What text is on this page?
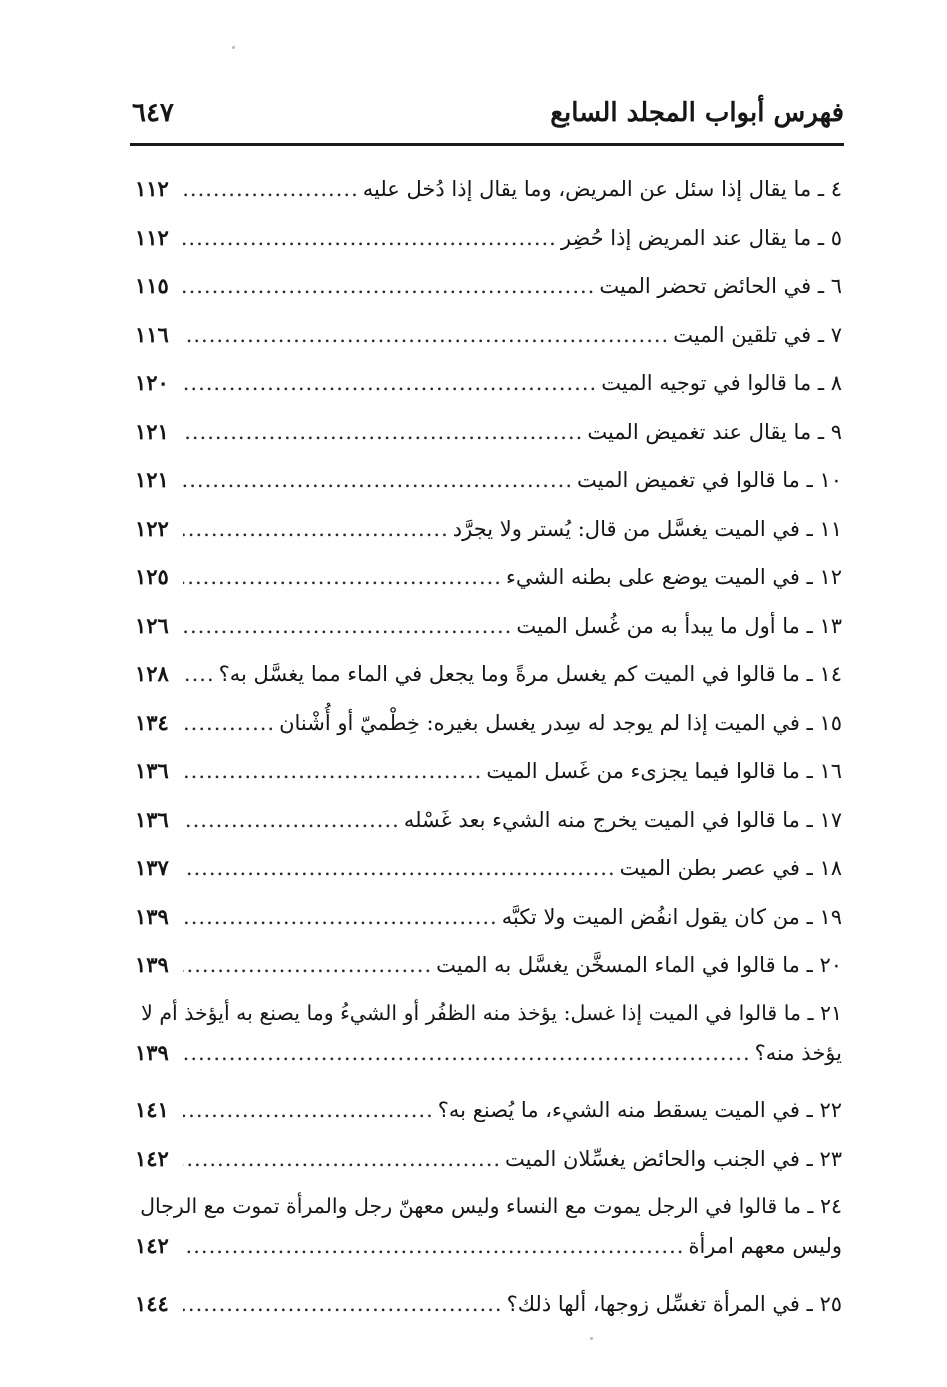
فهرس أبواب المجلد السابع
٦٤٧
٤ ـ ما يقال إذا سئل عن المريض، وما يقال إذا دُخل عليه
.....
١١٢
٥ ـ ما يقال عند المريض إذا حُضِر
.....
١١٢
٦ ـ في الحائض تحضر الميت
.....
١١٥
٧ ـ في تلقين الميت
.....
١١٦
٨ ـ ما قالوا في توجيه الميت
.....
١٢٠
٩ ـ ما يقال عند تغميض الميت
.....
١٢١
١٠ ـ ما قالوا في تغميض الميت
.....
١٢١
١١ ـ في الميت يغسَّل من قال: يُستر ولا يجرَّد
.....
١٢٢
١٢ ـ في الميت يوضع على بطنه الشيء
.....
١٢٥
١٣ ـ ما أول ما يبدأ به من غُسل الميت
.....
١٢٦
١٤ ـ ما قالوا في الميت كم يغسل مرةً وما يجعل في الماء مما يغسَّل به؟
.....
١٢٨
١٥ ـ في الميت إذا لم يوجد له سِدر يغسل بغيره: خِطْميّ أو أُشْنان
.....
١٣٤
١٦ ـ ما قالوا فيما يجزىء من غَسل الميت
.....
١٣٦
١٧ ـ ما قالوا في الميت يخرج منه الشيء بعد غَسْله
.....
١٣٦
١٨ ـ في عصر بطن الميت
.....
١٣٧
١٩ ـ من كان يقول انفُض الميت ولا تكبَّه
.....
١٣٩
٢٠ ـ ما قالوا في الماء المسخَّن يغسَّل به الميت
.....
١٣٩
٢١ ـ ما قالوا في الميت إذا غسل: يؤخذ منه الظفُر أو الشيءُ وما يصنع به أيؤخذ أم لا
يؤخذ منه؟
.....
١٣٩
٢٢ ـ في الميت يسقط منه الشيء، ما يُصنع به؟
.....
١٤١
٢٣ ـ في الجنب والحائض يغسِّلان الميت
.....
١٤٢
٢٤ ـ ما قالوا في الرجل يموت مع النساء وليس معهنّ رجل والمرأة تموت مع الرجال
وليس معهم امرأة
.....
١٤٢
٢٥ ـ في المرأة تغسِّل زوجها، ألها ذلك؟
.....
١٤٤
